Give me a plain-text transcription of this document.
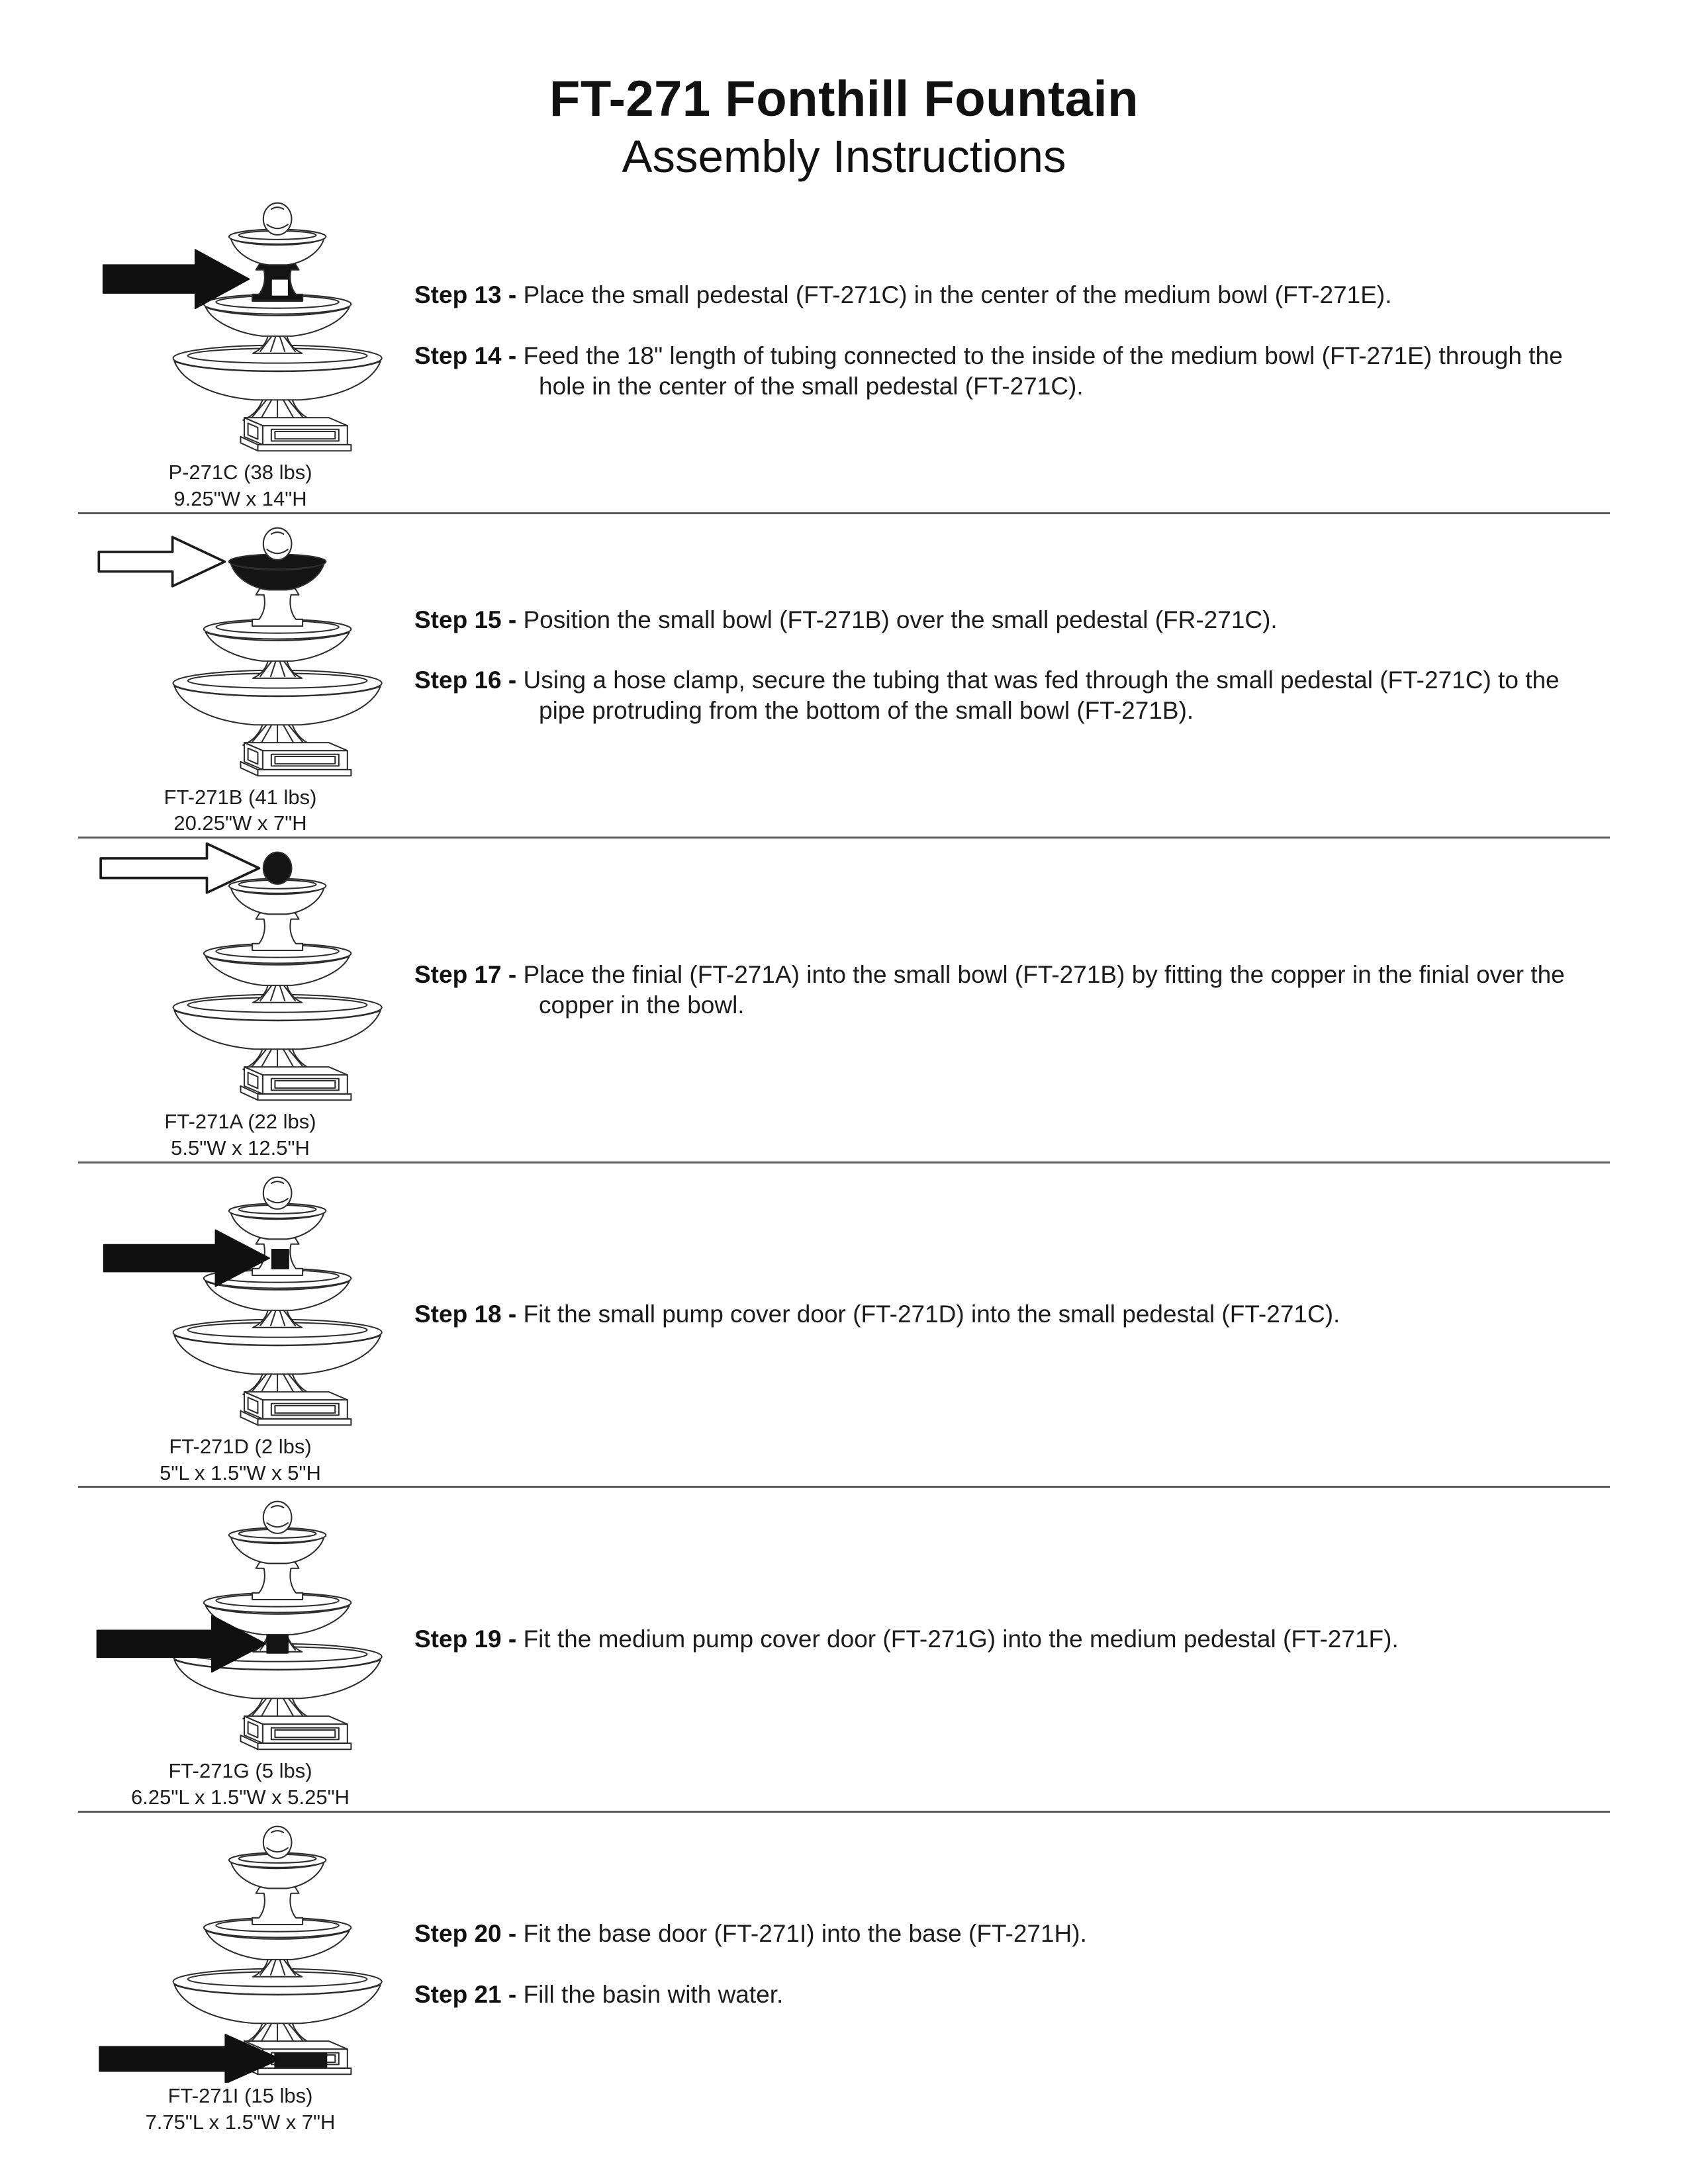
FT-271 Fonthill Fountain
Assembly Instructions
P-271C (38 lbs)
9.25"W x 14"H

Step 13 - Place the small pedestal (FT-271C) in the center of the medium bowl (FT-271E).

Step 14 - Feed the 18" length of tubing connected to the inside of the medium bowl (FT-271E) through the hole in the center of the small pedestal (FT-271C).

FT-271B (41 lbs)
20.25"W x 7"H

Step 15 - Position the small bowl (FT-271B) over the small pedestal (FR-271C).

Step 16 - Using a hose clamp, secure the tubing that was fed through the small pedestal (FT-271C) to the pipe protruding from the bottom of the small bowl (FT-271B).

FT-271A (22 lbs)
5.5"W x 12.5"H

Step 17 - Place the finial (FT-271A) into the small bowl (FT-271B) by fitting the copper in the finial over the copper in the bowl.

FT-271D (2 lbs)
5"L x 1.5"W x 5"H

Step 18 - Fit the small pump cover door (FT-271D) into the small pedestal (FT-271C).

FT-271G (5 lbs)
6.25"L x 1.5"W x 5.25"H

Step 19 - Fit the medium pump cover door (FT-271G) into the medium pedestal (FT-271F).

FT-271I (15 lbs)
7.75"L x 1.5"W x 7"H

Step 20 - Fit the base door (FT-271I) into the base (FT-271H).

Step 21 - Fill the basin with water.
